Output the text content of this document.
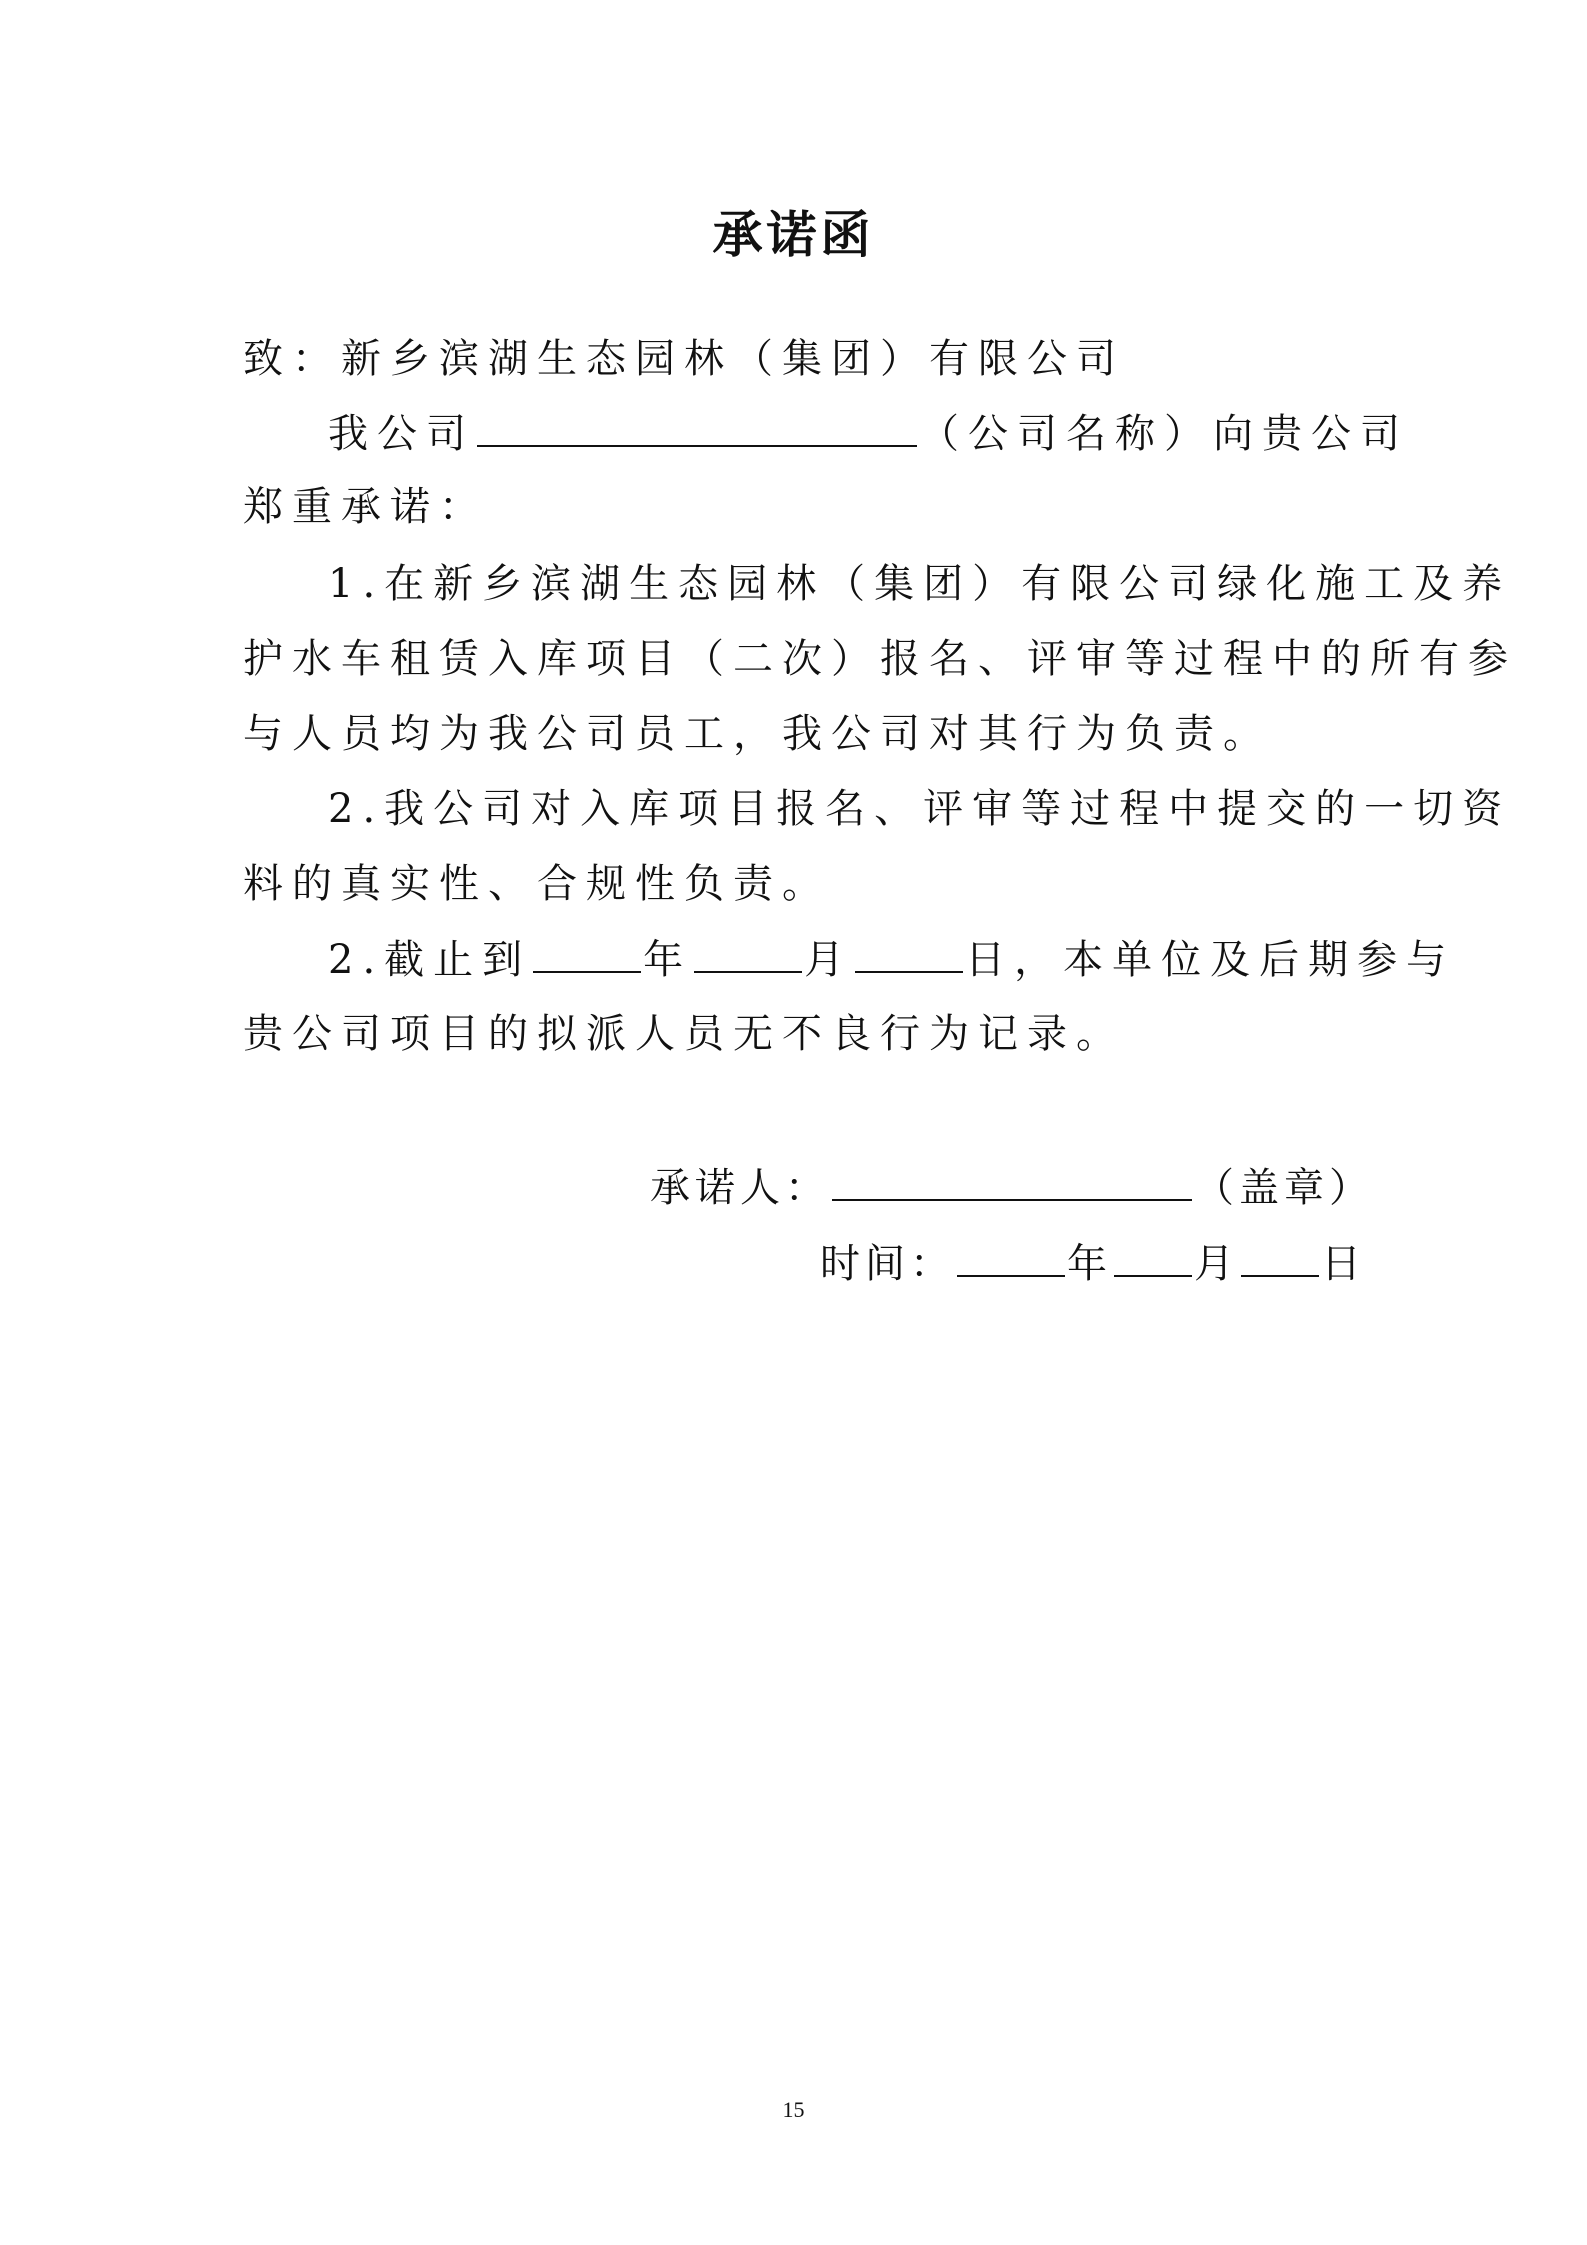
承诺函
致：新乡滨湖生态园林（集团）有限公司
我公司	（公司名称）向贵公司
郑重承诺：
1.在新乡滨湖生态园林（集团）有限公司绿化施工及养
护水车租赁入库项目（二次）报名、评审等过程中的所有参
与人员均为我公司员工，我公司对其行为负责。
2.我公司对入库项目报名、评审等过程中提交的一切资
料的真实性、合规性负责。
2.截止到	年	月	日，本单位及后期参与
贵公司项目的拟派人员无不良行为记录。
承诺人：	（盖章）
时间：	年 月 日
15
